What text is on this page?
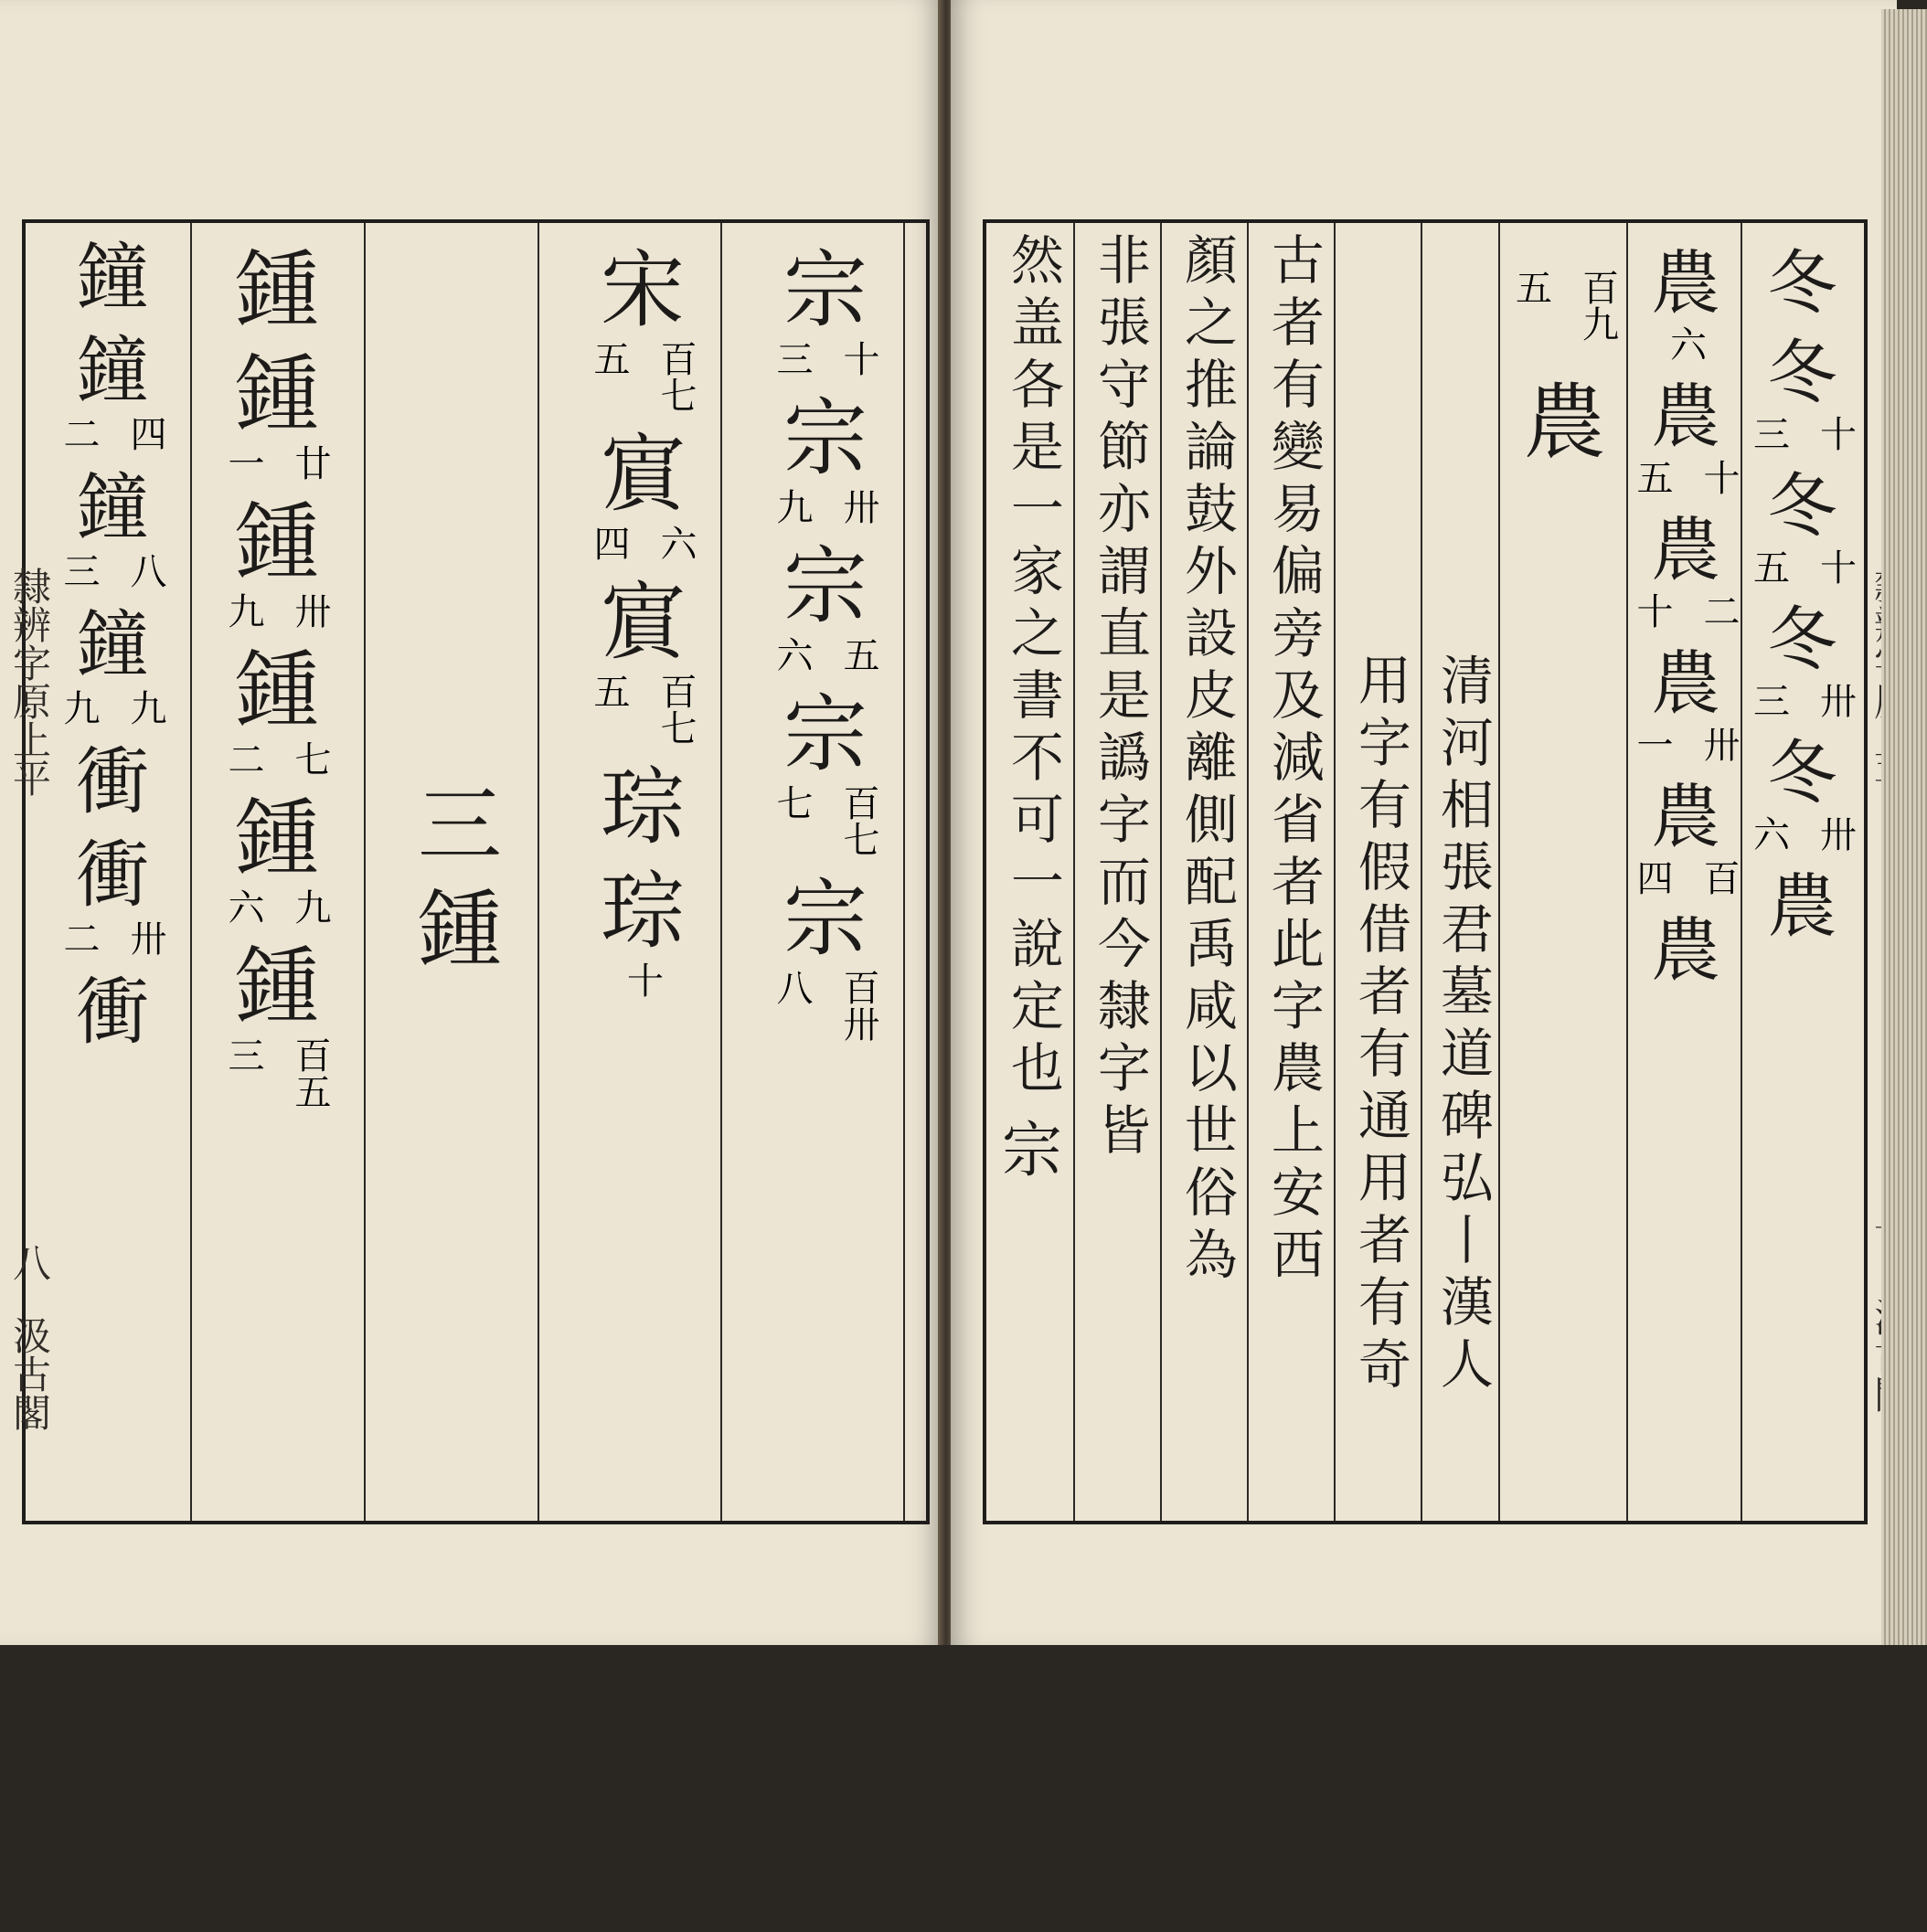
宗
十
三
宗
卅
九
宗
五
六
宗
百七
七
宗
百卅
八
宋
百七
五
賔
六
四
賔
百七
五
琮
琮
十
三
鍾
鍾
鍾
廿
一
鍾
卅
九
鍾
七
二
鍾
九
六
鍾
百五
三
鐘
鐘
四
二
鐘
八
三
鐘
九
九
衝
衝
卅
二
衝
隸辨字原上平
八
汲古閣
冬
冬
十
三
冬
十
五
冬
卅
三
冬
卅
六
農
農
六
農
十
五
農
二
十
農
卅
一
農
百
四
農
百九
五
農
清河相張君墓道碑弘丨漢人
用字有假借者有通用者有奇
古者有變易偏旁及減省者此字農上安西
顏之推論鼓外設皮離側配禹咸以世俗為
非張守節亦謂直是譌字而今隸字皆
然盖各是一家之書不可一說定也
宗
